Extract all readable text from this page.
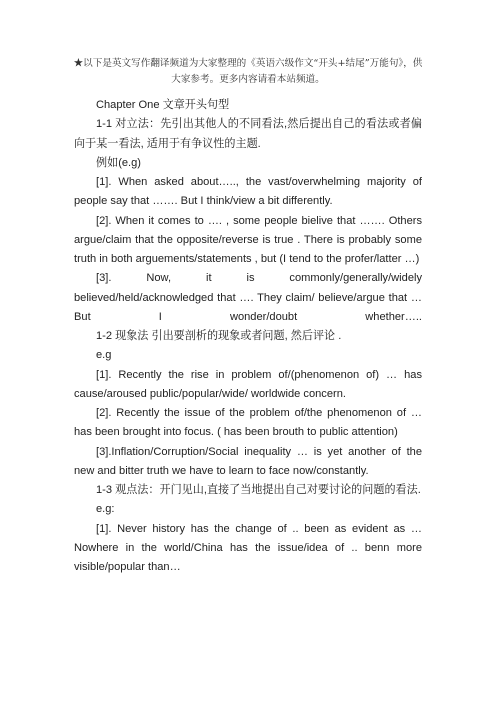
★以下是英文写作翻译频道为大家整理的《英语六级作文“开头+结尾”万能句》，供大家参考。更多内容请看本站频道。

Chapter One 文章开头句型

1-1 对立法：先引出其他人的不同看法,然后提出自己的看法或者偏向于某一看法, 适用于有争议性的主题.

例如(e.g)

[1]. When asked about….., the vast/overwhelming majority of people say that ……. But I think/view a bit differently.

[2]. When it comes to …. , some people bielive that ……. Others argue/claim that the opposite/reverse is true . There is probably some truth in both arguements/statements , but (I tend to the profer/latter …)

[3]. Now, it is commonly/generally/widely believed/held/acknowledged that …. They claim/ believe/argue that … But I wonder/doubt whether…..

1-2 现象法 引出要剖析的现象或者问题, 然后评论 .

e.g

[1]. Recently the rise in problem of/(phenomenon of) … has cause/aroused public/popular/wide/ worldwide concern.

[2]. Recently the issue of the problem of/the phenomenon of …has been brought into focus. ( has been brouth to public attention)

[3].Inflation/Corruption/Social inequality … is yet another of the new and bitter truth we have to learn to face now/constantly.

1-3 观点法：开门见山,直接了当地提出自己对要讨论的问题的看法.

e.g:

[1]. Never history has the change of .. been as evident as … Nowhere in the world/China has the issue/idea of .. benn more visible/popular than…
